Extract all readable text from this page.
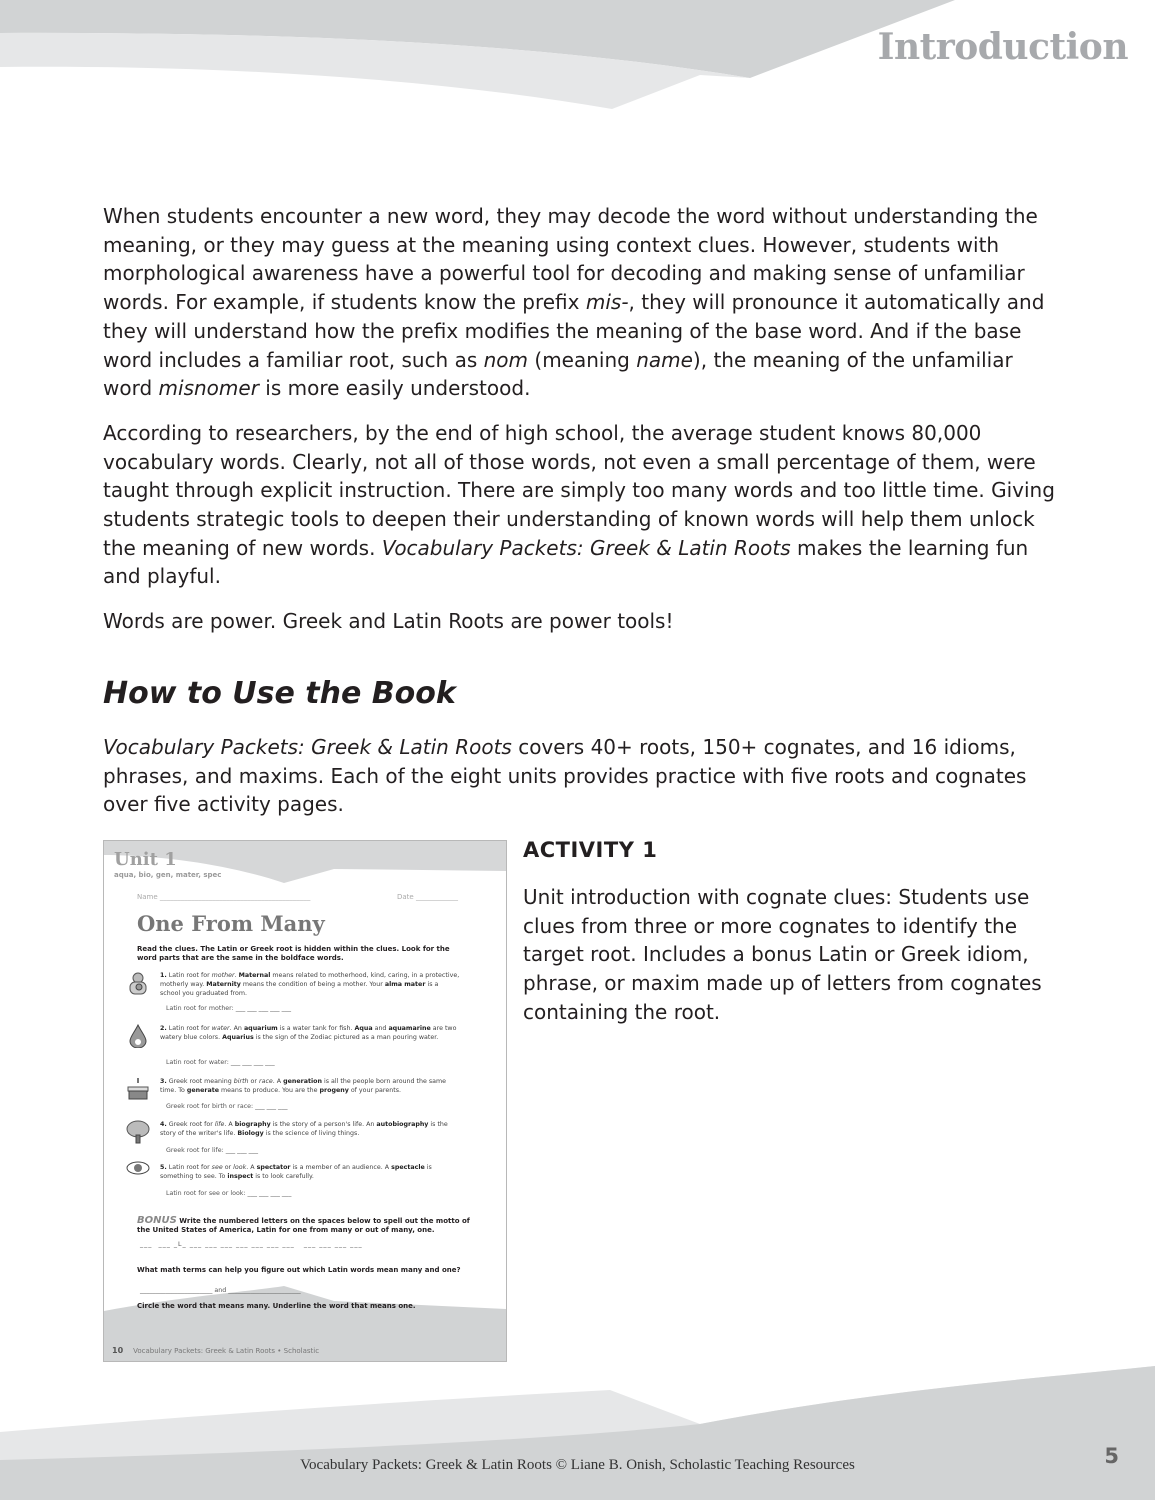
Introduction

When students encounter a new word, they may decode the word without understanding the meaning, or they may guess at the meaning using context clues. However, students with morphological awareness have a powerful tool for decoding and making sense of unfamiliar words. For example, if students know the prefix mis-, they will pronounce it automatically and they will understand how the prefix modifies the meaning of the base word. And if the base word includes a familiar root, such as nom (meaning name), the meaning of the unfamiliar word misnomer is more easily understood.

According to researchers, by the end of high school, the average student knows 80,000 vocabulary words. Clearly, not all of those words, not even a small percentage of them, were taught through explicit instruction. There are simply too many words and too little time. Giving students strategic tools to deepen their understanding of known words will help them unlock the meaning of new words. Vocabulary Packets: Greek & Latin Roots makes the learning fun and playful.

Words are power. Greek and Latin Roots are power tools!

How to Use the Book

Vocabulary Packets: Greek & Latin Roots covers 40+ roots, 150+ cognates, and 16 idioms, phrases, and maxims. Each of the eight units provides practice with five roots and cognates over five activity pages.

Unit 1
aqua, bio, gen, mater, spec
Name ___________________________________________	Date ____________
One From Many
Read the clues. The Latin or Greek root is hidden within the clues. Look for the word parts that are the same in the boldface words.
1. Latin root for mother. Maternal means related to motherhood, kind, caring, in a protective, motherly way. Maternity means the condition of being a mother. Your alma mater is a school you graduated from.
Latin root for mother: ___ ___ ___ ___ ___
2. Latin root for water. An aquarium is a water tank for fish. Aqua and aquamarine are two watery blue colors. Aquarius is the sign of the Zodiac pictured as a man pouring water.
Latin root for water: ___ ___ ___ ___
3. Greek root meaning birth or race. A generation is all the people born around the same time. To generate means to produce. You are the progeny of your parents.
Greek root for birth or race: ___ ___ ___
4. Greek root for life. A biography is the story of a person's life. An autobiography is the story of the writer's life. Biology is the science of living things.
Greek root for life: ___ ___ ___
5. Latin root for see or look. A spectator is a member of an audience. A spectacle is something to see. To inspect is to look carefully.
Latin root for see or look: ___ ___ ___ ___
BONUS Write the numbered letters on the spaces below to spell out the motto of the United States of America, Latin for one from many or out of many, one.
___  ___ _L_ ___ ___ ___ ___ ___ ___ ___   ___ ___ ___ ___
What math terms can help you figure out which Latin words mean many and one?
_______________________ and _______________________
Circle the word that means many. Underline the word that means one.
10 Vocabulary Packets: Greek & Latin Roots • Scholastic
ACTIVITY 1

Unit introduction with cognate clues: Students use clues from three or more cognates to identify the target root. Includes a bonus Latin or Greek idiom, phrase, or maxim made up of letters from cognates containing the root.

Vocabulary Packets: Greek & Latin Roots © Liane B. Onish, Scholastic Teaching Resources	5
